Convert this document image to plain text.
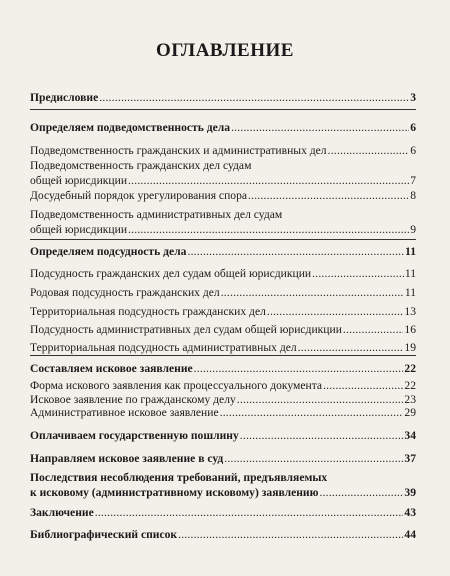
ОГЛАВЛЕНИЕ
Предисловие .....	3
Определяем подведомственность дела .....	6
Подведомственность гражданских и административных дел .....	6
Подведомственность гражданских дел судам
общей юрисдикции .....	7
Досудебный порядок урегулирования спора .....	8
Подведомственность административных дел судам
общей юрисдикции .....	9
Определяем подсудность дела .....	11
Подсудность гражданских дел судам общей юрисдикции .....	11
Родовая подсудность гражданских дел .....	11
Территориальная подсудность гражданских дел .....	13
Подсудность административных дел судам общей юрисдикции .....	16
Территориальная подсудность административных дел .....	19
Составляем исковое заявление .....	22
Форма искового заявления как процессуального документа .....	22
Исковое заявление по гражданскому делу .....	23
Административное исковое заявление .....	29
Оплачиваем государственную пошлину .....	34
Направляем исковое заявление в суд .....	37
Последствия несоблюдения требований, предъявляемых
к исковому (административному исковому) заявлению .....	39
Заключение .....	43
Библиографический список .....	44
